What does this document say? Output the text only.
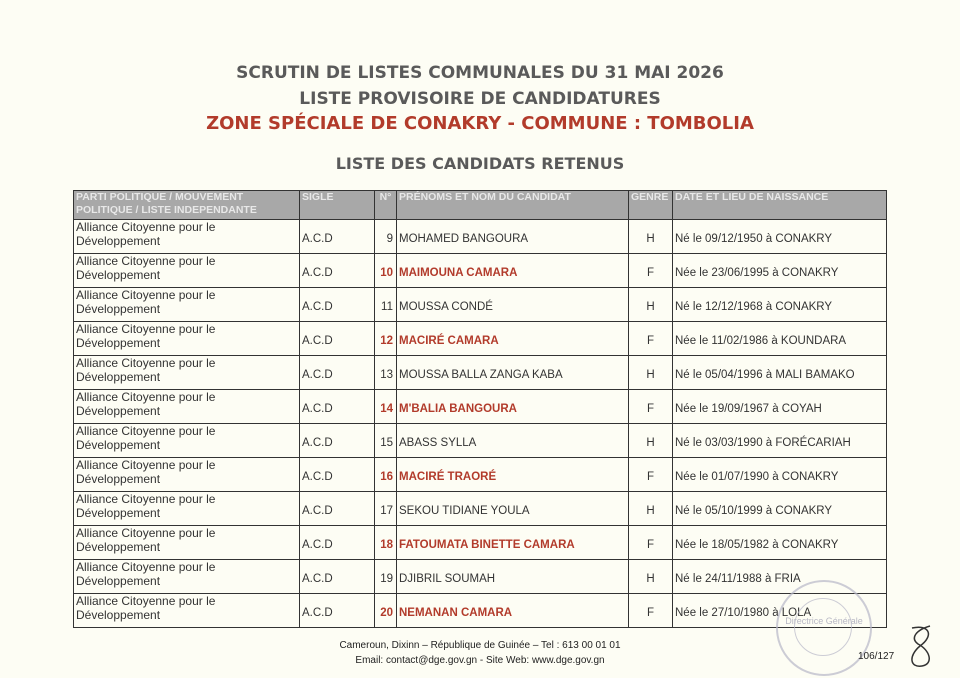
SCRUTIN DE LISTES COMMUNALES DU 31 MAI 2026
LISTE PROVISOIRE DE CANDIDATURES
ZONE SPÉCIALE DE CONAKRY - COMMUNE : TOMBOLIA
LISTE DES CANDIDATS RETENUS
PARTI POLITIQUE / MOUVEMENT POLITIQUE / LISTE INDEPENDANTE	SIGLE	N°	PRÉNOMS ET NOM DU CANDIDAT	GENRE	DATE ET LIEU DE NAISSANCE
Alliance Citoyenne pour le Développement	A.C.D	9	MOHAMED BANGOURA	H	Né le 09/12/1950 à CONAKRY
Alliance Citoyenne pour le Développement	A.C.D	10	MAIMOUNA CAMARA	F	Née le 23/06/1995 à CONAKRY
Alliance Citoyenne pour le Développement	A.C.D	11	MOUSSA CONDÉ	H	Né le 12/12/1968 à CONAKRY
Alliance Citoyenne pour le Développement	A.C.D	12	MACIRÉ CAMARA	F	Née le 11/02/1986 à KOUNDARA
Alliance Citoyenne pour le Développement	A.C.D	13	MOUSSA BALLA ZANGA KABA	H	Né le 05/04/1996 à MALI BAMAKO
Alliance Citoyenne pour le Développement	A.C.D	14	M'BALIA BANGOURA	F	Née le 19/09/1967 à COYAH
Alliance Citoyenne pour le Développement	A.C.D	15	ABASS SYLLA	H	Né le 03/03/1990 à FORÉCARIAH
Alliance Citoyenne pour le Développement	A.C.D	16	MACIRÉ TRAORÉ	F	Née le 01/07/1990 à CONAKRY
Alliance Citoyenne pour le Développement	A.C.D	17	SEKOU TIDIANE YOULA	H	Né le 05/10/1999 à CONAKRY
Alliance Citoyenne pour le Développement	A.C.D	18	FATOUMATA BINETTE CAMARA	F	Née le 18/05/1982 à CONAKRY
Alliance Citoyenne pour le Développement	A.C.D	19	DJIBRIL SOUMAH	H	Né le 24/11/1988 à FRIA
Alliance Citoyenne pour le Développement	A.C.D	20	NEMANAN CAMARA	F	Née le 27/10/1980 à LOLA
Directrice Générale
Cameroun, Dixinn – République de Guinée – Tel : 613 00 01 01
Email: contact@dge.gov.gn - Site Web: www.dge.gov.gn	106/127
